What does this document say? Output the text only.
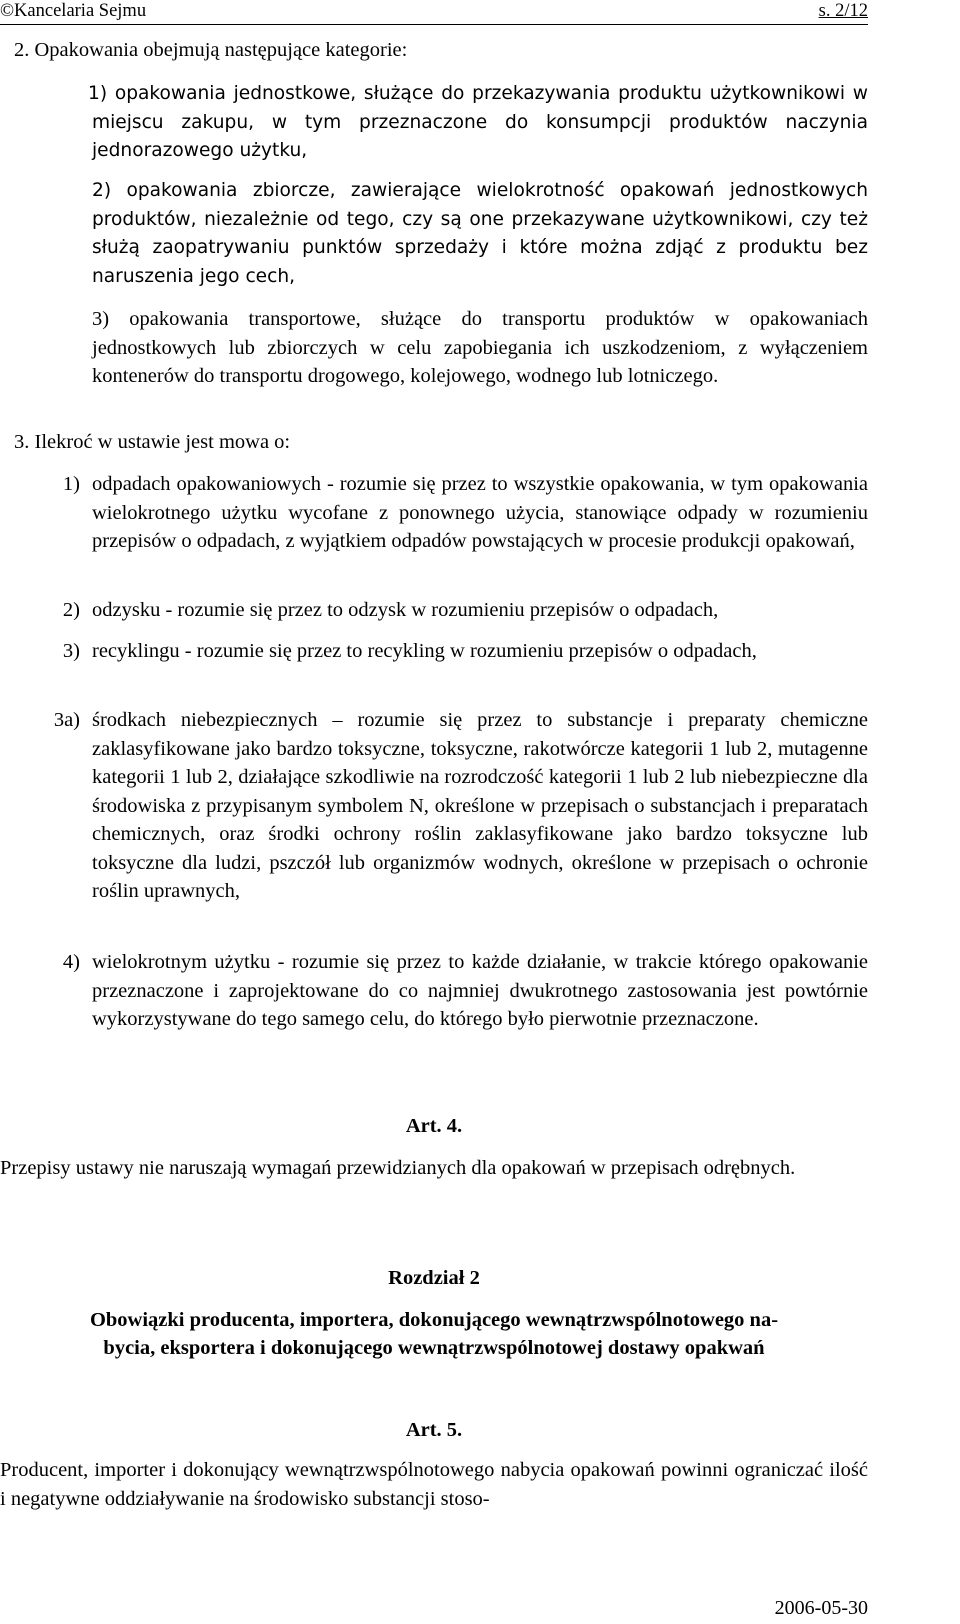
©Kancelaria Sejmu	s. 2/12
2. Opakowania obejmują następujące kategorie:
1) opakowania jednostkowe, służące do przekazywania produktu użytkownikowi w miejscu zakupu, w tym przeznaczone do konsumpcji produktów naczynia jednorazowego użytku,
2) opakowania zbiorcze, zawierające wielokrotność opakowań jednostkowych produktów, niezależnie od tego, czy są one przekazywane użytkownikowi, czy też służą zaopatrywaniu punktów sprzedaży i które można zdjąć z produktu bez naruszenia jego cech,
3) opakowania transportowe, służące do transportu produktów w opakowaniach jednostkowych lub zbiorczych w celu zapobiegania ich uszkodzeniom, z wyłączeniem kontenerów do transportu drogowego, kolejowego, wodnego lub lotniczego.
3. Ilekroć w ustawie jest mowa o:
1) odpadach opakowaniowych - rozumie się przez to wszystkie opakowania, w tym opakowania wielokrotnego użytku wycofane z ponownego użycia, stanowiące odpady w rozumieniu przepisów o odpadach, z wyjątkiem odpadów powstających w procesie produkcji opakowań,
2) odzysku - rozumie się przez to odzysk w rozumieniu przepisów o odpadach,
3) recyklingu - rozumie się przez to recykling w rozumieniu przepisów o odpadach,
3a) środkach niebezpiecznych – rozumie się przez to substancje i preparaty chemiczne zaklasyfikowane jako bardzo toksyczne, toksyczne, rakotwórcze kategorii 1 lub 2, mutagenne kategorii 1 lub 2, działające szkodliwie na rozrodczość kategorii 1 lub 2 lub niebezpieczne dla środowiska z przypisanym symbolem N, określone w przepisach o substancjach i preparatach chemicznych, oraz środki ochrony roślin zaklasyfikowane jako bardzo toksyczne lub toksyczne dla ludzi, pszczół lub organizmów wodnych, określone w przepisach o ochronie roślin uprawnych,
4) wielokrotnym użytku - rozumie się przez to każde działanie, w trakcie którego opakowanie przeznaczone i zaprojektowane do co najmniej dwukrotnego zastosowania jest powtórnie wykorzystywane do tego samego celu, do którego było pierwotnie przeznaczone.
Art. 4.
Przepisy ustawy nie naruszają wymagań przewidzianych dla opakowań w przepisach odrębnych.
Rozdział 2
Obowiązki producenta, importera, dokonującego wewnątrzwspólnotowego na-
bycia, eksportera i dokonującego wewnątrzwspólnotowej dostawy opakwań
Art. 5.
Producent, importer i dokonujący wewnątrzwspólnotowego nabycia opakowań powinni ograniczać ilość i negatywne oddziaływanie na środowisko substancji stoso-
2006-05-30
